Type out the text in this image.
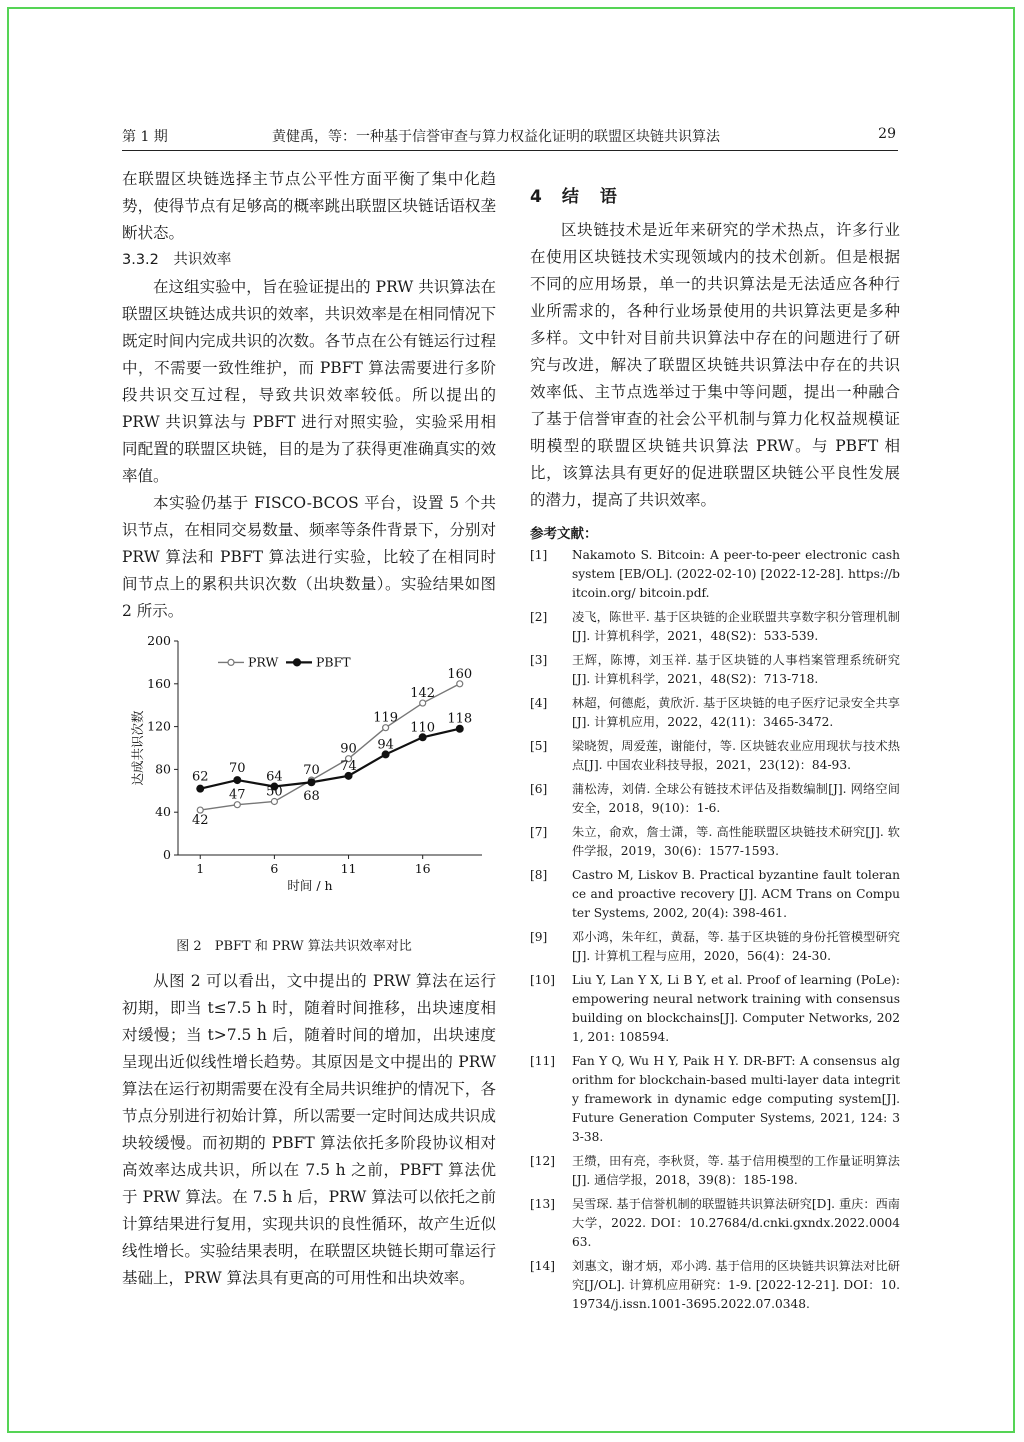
第 1 期	黄健禹，等：一种基于信誉审查与算力权益化证明的联盟区块链共识算法	29

在联盟区块链选择主节点公平性方面平衡了集中化趋势，使得节点有足够高的概率跳出联盟区块链话语权垄断状态。

3.3.2　共识效率

在这组实验中，旨在验证提出的 PRW 共识算法在联盟区块链达成共识的效率，共识效率是在相同情况下既定时间内完成共识的次数。各节点在公有链运行过程中，不需要一致性维护，而 PBFT 算法需要进行多阶段共识交互过程，导致共识效率较低。所以提出的 PRW 共识算法与 PBFT 进行对照实验，实验采用相同配置的联盟区块链，目的是为了获得更准确真实的效率值。

本实验仍基于 FISCO-BCOS 平台，设置 5 个共识节点，在相同交易数量、频率等条件背景下，分别对 PRW 算法和 PBFT 算法进行实验，比较了在相同时间节点上的累积共识次数（出块数量）。实验结果如图 2 所示。

0
40
80
120
160
200
1	6	11	16
时间 / h
达成共识次数
42
47 50
70
90
119
142
160
62
70
64
68
74
94
110
118
PRW	PBFT
图 2　PBFT 和 PRW 算法共识效率对比

从图 2 可以看出，文中提出的 PRW 算法在运行初期，即当 t≤7.5 h 时，随着时间推移，出块速度相对缓慢；当 t>7.5 h 后，随着时间的增加，出块速度呈现出近似线性增长趋势。其原因是文中提出的 PRW 算法在运行初期需要在没有全局共识维护的情况下，各节点分别进行初始计算，所以需要一定时间达成共识成块较缓慢。而初期的 PBFT 算法依托多阶段协议相对高效率达成共识，所以在 7.5 h 之前，PBFT 算法优于 PRW 算法。在 7.5 h 后，PRW 算法可以依托之前计算结果进行复用，实现共识的良性循环，故产生近似线性增长。实验结果表明，在联盟区块链长期可靠运行基础上，PRW 算法具有更高的可用性和出块效率。

4 结　语

区块链技术是近年来研究的学术热点，许多行业在使用区块链技术实现领域内的技术创新。但是根据不同的应用场景，单一的共识算法是无法适应各种行业所需求的，各种行业场景使用的共识算法更是多种多样。文中针对目前共识算法中存在的问题进行了研究与改进，解决了联盟区块链共识算法中存在的共识效率低、主节点选举过于集中等问题，提出一种融合了基于信誉审查的社会公平机制与算力化权益规模证明模型的联盟区块链共识算法 PRW。与 PBFT 相比，该算法具有更好的促进联盟区块链公平良性发展的潜力，提高了共识效率。

参考文献：
[1] Nakamoto S. Bitcoin: A peer-to-peer electronic cash system [EB/OL]. (2022-02-10) [2022-12-28]. https://bitcoin.org/ bitcoin.pdf.
[2] 凌飞，陈世平. 基于区块链的企业联盟共享数字积分管理机制[J]. 计算机科学，2021，48(S2)：533-539.
[3] 王辉，陈博，刘玉祥. 基于区块链的人事档案管理系统研究[J]. 计算机科学，2021，48(S2)：713-718.
[4] 林超，何德彪，黄欣沂. 基于区块链的电子医疗记录安全共享[J]. 计算机应用，2022，42(11)：3465-3472.
[5] 梁晓贺，周爱莲，谢能付，等. 区块链农业应用现状与技术热点[J]. 中国农业科技导报，2021，23(12)：84-93.
[6] 蒲松涛，刘倩. 全球公有链技术评估及指数编制[J]. 网络空间安全，2018，9(10)：1-6.
[7] 朱立，俞欢，詹士潇，等. 高性能联盟区块链技术研究[J]. 软件学报，2019，30(6)：1577-1593.
[8] Castro M, Liskov B. Practical byzantine fault tolerance and proactive recovery [J]. ACM Trans on Computer Systems, 2002, 20(4): 398-461.
[9] 邓小鸿，朱年红，黄磊，等. 基于区块链的身份托管模型研究[J]. 计算机工程与应用，2020，56(4)：24-30.
[10] Liu Y, Lan Y X, Li B Y, et al. Proof of learning (PoLe): empowering neural network training with consensus building on blockchains[J]. Computer Networks, 2021, 201: 108594.
[11] Fan Y Q, Wu H Y, Paik H Y. DR-BFT: A consensus algorithm for blockchain-based multi-layer data integrity framework in dynamic edge computing system[J]. Future Generation Computer Systems, 2021, 124: 33-38.
[12] 王缵，田有亮，李秋贤，等. 基于信用模型的工作量证明算法[J]. 通信学报，2018，39(8)：185-198.
[13] 吴雪琛. 基于信誉机制的联盟链共识算法研究[D]. 重庆：西南大学，2022. DOI：10.27684/d.cnki.gxndx.2022.000463.
[14] 刘惠文，谢才炳，邓小鸿. 基于信用的区块链共识算法对比研究[J/OL]. 计算机应用研究：1-9. [2022-12-21]. DOI：10.19734/j.issn.1001-3695.2022.07.0348.
